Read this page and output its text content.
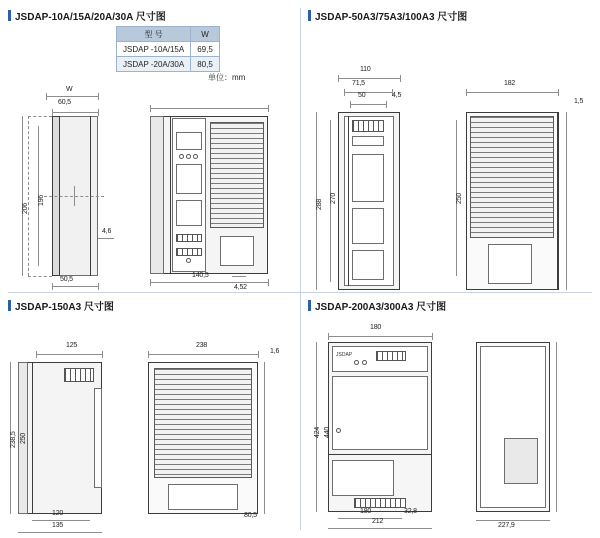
JSDAP-10A/15A/20A/30A 尺寸图
型 号	W
JSDAP -10A/15A	69,5
JSDAP -20A/30A	80,5
单位：mm
W
60,5
206
196
4,6
50,5
140,5
4,52
JSDAP-50A3/75A3/100A3 尺寸图
110
71,5
50	4,5
182
1,5
288
270	250
JSDAP-150A3 尺寸图
125	238
1,6
238,5 250
120
135
80,5
JSDAP-200A3/300A3 尺寸图
180
JSDAP
424 440
180	32,8
212
227,9
